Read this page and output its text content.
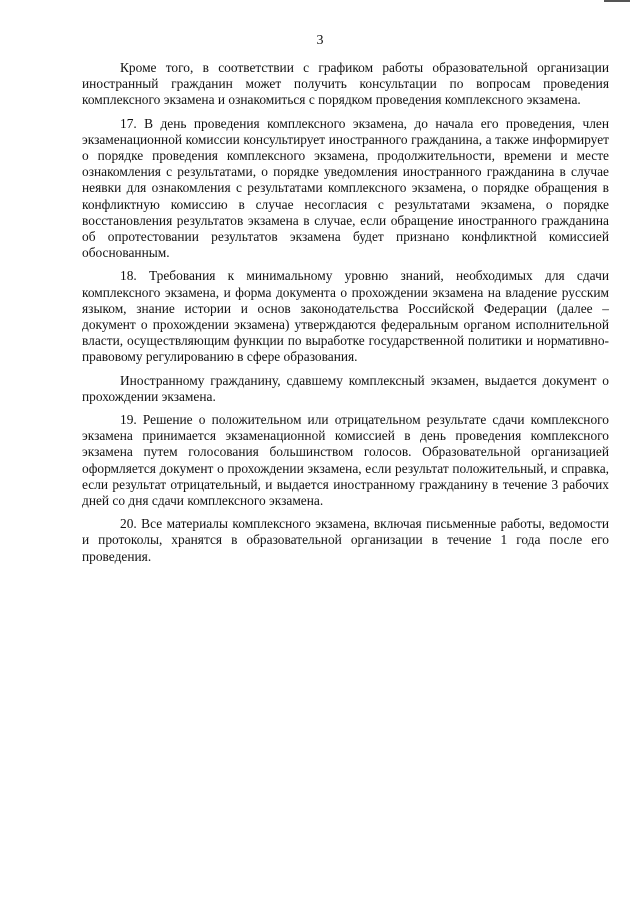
3

Кроме того, в соответствии с графиком работы образовательной организации иностранный гражданин может получить консультации по вопросам проведения комплексного экзамена и ознакомиться с порядком проведения комплексного экзамена.

17. В день проведения комплексного экзамена, до начала его проведения, член экзаменационной комиссии консультирует иностранного гражданина, а также информирует о порядке проведения комплексного экзамена, продолжительности, времени и месте ознакомления с результатами, о порядке уведомления иностранного гражданина в случае неявки для ознакомления с результатами комплексного экзамена, о порядке обращения в конфликтную комиссию в случае несогласия с результатами экзамена, о порядке восстановления результатов экзамена в случае, если обращение иностранного гражданина об опротестовании результатов экзамена будет признано конфликтной комиссией обоснованным.

18. Требования к минимальному уровню знаний, необходимых для сдачи комплексного экзамена, и форма документа о прохождении экзамена на владение русским языком, знание истории и основ законодательства Российской Федерации (далее – документ о прохождении экзамена) утверждаются федеральным органом исполнительной власти, осуществляющим функции по выработке государственной политики и нормативно-правовому регулированию в сфере образования.

Иностранному гражданину, сдавшему комплексный экзамен, выдается документ о прохождении экзамена.

19. Решение о положительном или отрицательном результате сдачи комплексного экзамена принимается экзаменационной комиссией в день проведения комплексного экзамена путем голосования большинством голосов. Образовательной организацией оформляется документ о прохождении экзамена, если результат положительный, и справка, если результат отрицательный, и выдается иностранному гражданину в течение 3 рабочих дней со дня сдачи комплексного экзамена.

20. Все материалы комплексного экзамена, включая письменные работы, ведомости и протоколы, хранятся в образовательной организации в течение 1 года после его проведения.
